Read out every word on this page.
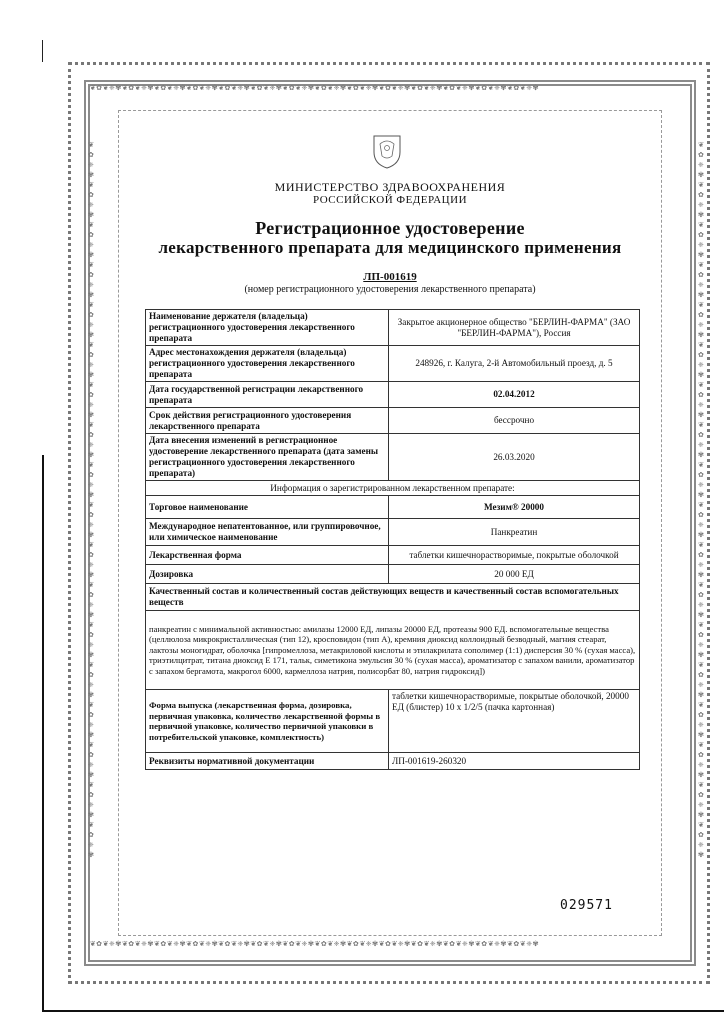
❦✿❦❈✾❦✿❦❈✾❦✿❦❈✾❦✿❦❈✾❦✿❦❈✾❦✿❦❈✾❦✿❦❈✾❦✿❦❈✾❦✿❦❈✾❦✿❦❈✾❦✿❦❈✾❦✿❦❈✾❦✿❦❈✾❦✿❦❈✾
❦✿❦❈✾❦✿❦❈✾❦✿❦❈✾❦✿❦❈✾❦✿❦❈✾❦✿❦❈✾❦✿❦❈✾❦✿❦❈✾❦✿❦❈✾❦✿❦❈✾❦✿❦❈✾❦✿❦❈✾❦✿❦❈✾❦✿❦❈✾
❦✿❈✾❦✿❈✾❦✿❈✾❦✿❈✾❦✿❈✾❦✿❈✾❦✿❈✾❦✿❈✾❦✿❈✾❦✿❈✾❦✿❈✾❦✿❈✾❦✿❈✾❦✿❈✾❦✿❈✾❦✿❈✾❦✿❈✾❦✿❈✾	❦✿❈✾❦✿❈✾❦✿❈✾❦✿❈✾❦✿❈✾❦✿❈✾❦✿❈✾❦✿❈✾❦✿❈✾❦✿❈✾❦✿❈✾❦✿❈✾❦✿❈✾❦✿❈✾❦✿❈✾❦✿❈✾❦✿❈✾❦✿❈✾
МИНИСТЕРСТВО ЗДРАВООХРАНЕНИЯ
РОССИЙСКОЙ ФЕДЕРАЦИИ
Регистрационное удостоверение
лекарственного препарата для медицинского применения
ЛП-001619
(номер регистрационного удостоверения лекарственного препарата)
Наименование держателя (владельца) регистрационного удостоверения лекарственного препарата	Закрытое акционерное общество "БЕРЛИН-ФАРМА" (ЗАО "БЕРЛИН-ФАРМА"), Россия
Адрес местонахождения держателя (владельца) регистрационного удостоверения лекарственного препарата	248926, г. Калуга, 2-й Автомобильный проезд, д. 5
Дата государственной регистрации лекарственного препарата	02.04.2012
Срок действия регистрационного удостоверения лекарственного препарата	бессрочно
Дата внесения изменений в регистрационное удостоверение лекарственного препарата (дата замены регистрационного удостоверения лекарственного препарата)	26.03.2020
Информация о зарегистрированном лекарственном препарате:	
Торговое наименование	Мезим® 20000
Международное непатентованное, или группировочное, или химическое наименование	Панкреатин
Лекарственная форма	таблетки кишечнорастворимые, покрытые оболочкой
Дозировка	20 000 ЕД
Качественный состав и количественный состав действующих веществ и качественный состав вспомогательных веществ	
панкреатин с минимальной активностью: амилазы 12000 ЕД, липазы 20000 ЕД, протеазы 900 ЕД. вспомогательные вещества (целлюлоза микрокристаллическая (тип 12), кросповидон (тип А), кремния диоксид коллоидный безводный, магния стеарат, лактозы моногидрат, оболочка [гипромеллоза, метакриловой кислоты и этилакрилата сополимер (1:1) дисперсия 30 % (сухая масса), триэтилцитрат, титана диоксид Е 171, тальк, симетикона эмульсия 30 % (сухая масса), ароматизатор с запахом ванили, ароматизатор с запахом бергамота, макрогол 6000, кармеллоза натрия, полисорбат 80, натрия гидроксид])	
Форма выпуска (лекарственная форма, дозировка, первичная упаковка, количество лекарственной формы в первичной упаковке, количество первичной упаковки в потребительской упаковке, комплектность)	таблетки кишечнорастворимые, покрытые оболочкой, 20000 ЕД (блистер) 10 x 1/2/5 (пачка картонная)
Реквизиты нормативной документации	ЛП-001619-260320
029571
